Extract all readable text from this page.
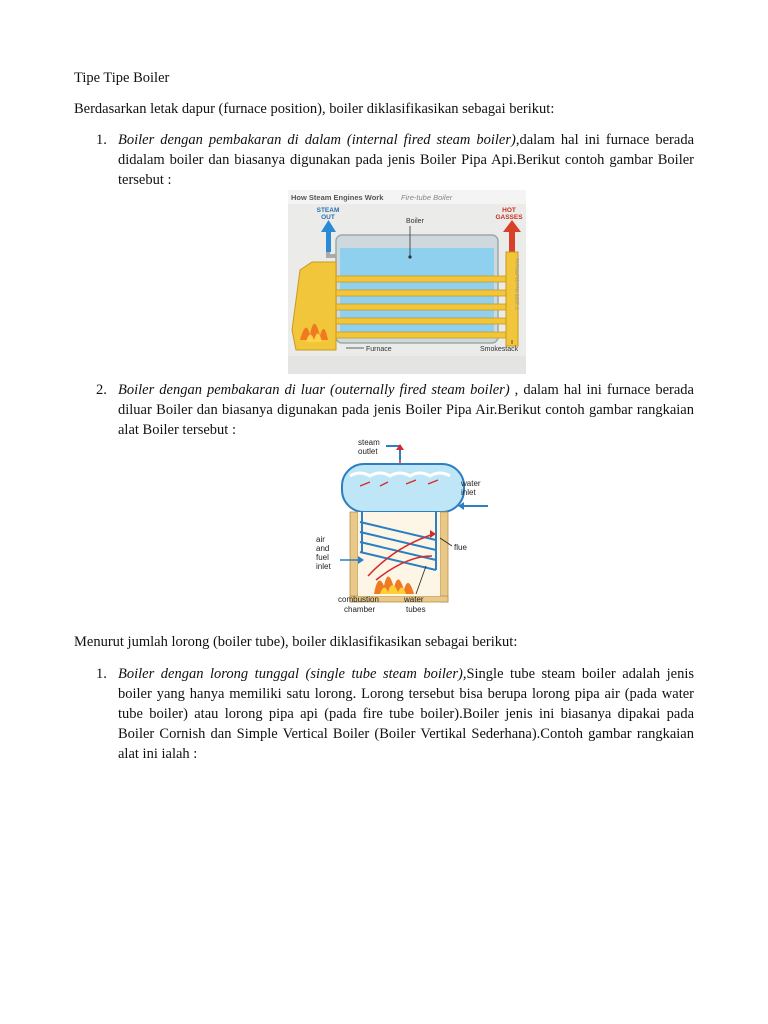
Tipe Tipe Boiler

Berdasarkan letak dapur (furnace position), boiler diklasifikasikan sebagai berikut:

1. Boiler dengan pembakaran di dalam (internal fired steam boiler),dalam hal ini furnace berada didalam boiler dan biasanya digunakan pada jenis Boiler Pipa Api.Berikut contoh gambar Boiler tersebut :
How Steam Engines Work Fire-tube Boiler
STEAM
OUT
HOT
GASSES
Boiler
© 2008 HowStuffWorks
Furnace	Smokestack
2. Boiler dengan pembakaran di luar (outernally fired steam boiler) , dalam hal ini furnace berada diluar Boiler dan biasanya digunakan pada jenis Boiler Pipa Air.Berikut contoh gambar rangkaian alat Boiler tersebut :
steam
outlet
water
inlet
air
and
fuel
inlet
flue
combustion
chamber
water
tubes

Menurut jumlah lorong (boiler tube), boiler diklasifikasikan sebagai berikut:

1. Boiler dengan lorong tunggal (single tube steam boiler),Single tube steam boiler adalah jenis boiler yang hanya memiliki satu lorong. Lorong tersebut bisa berupa lorong pipa air (pada water tube boiler) atau lorong pipa api (pada fire tube boiler).Boiler jenis ini biasanya dipakai pada Boiler Cornish dan Simple Vertical Boiler (Boiler Vertikal Sederhana).Contoh gambar rangkaian alat ini ialah :
